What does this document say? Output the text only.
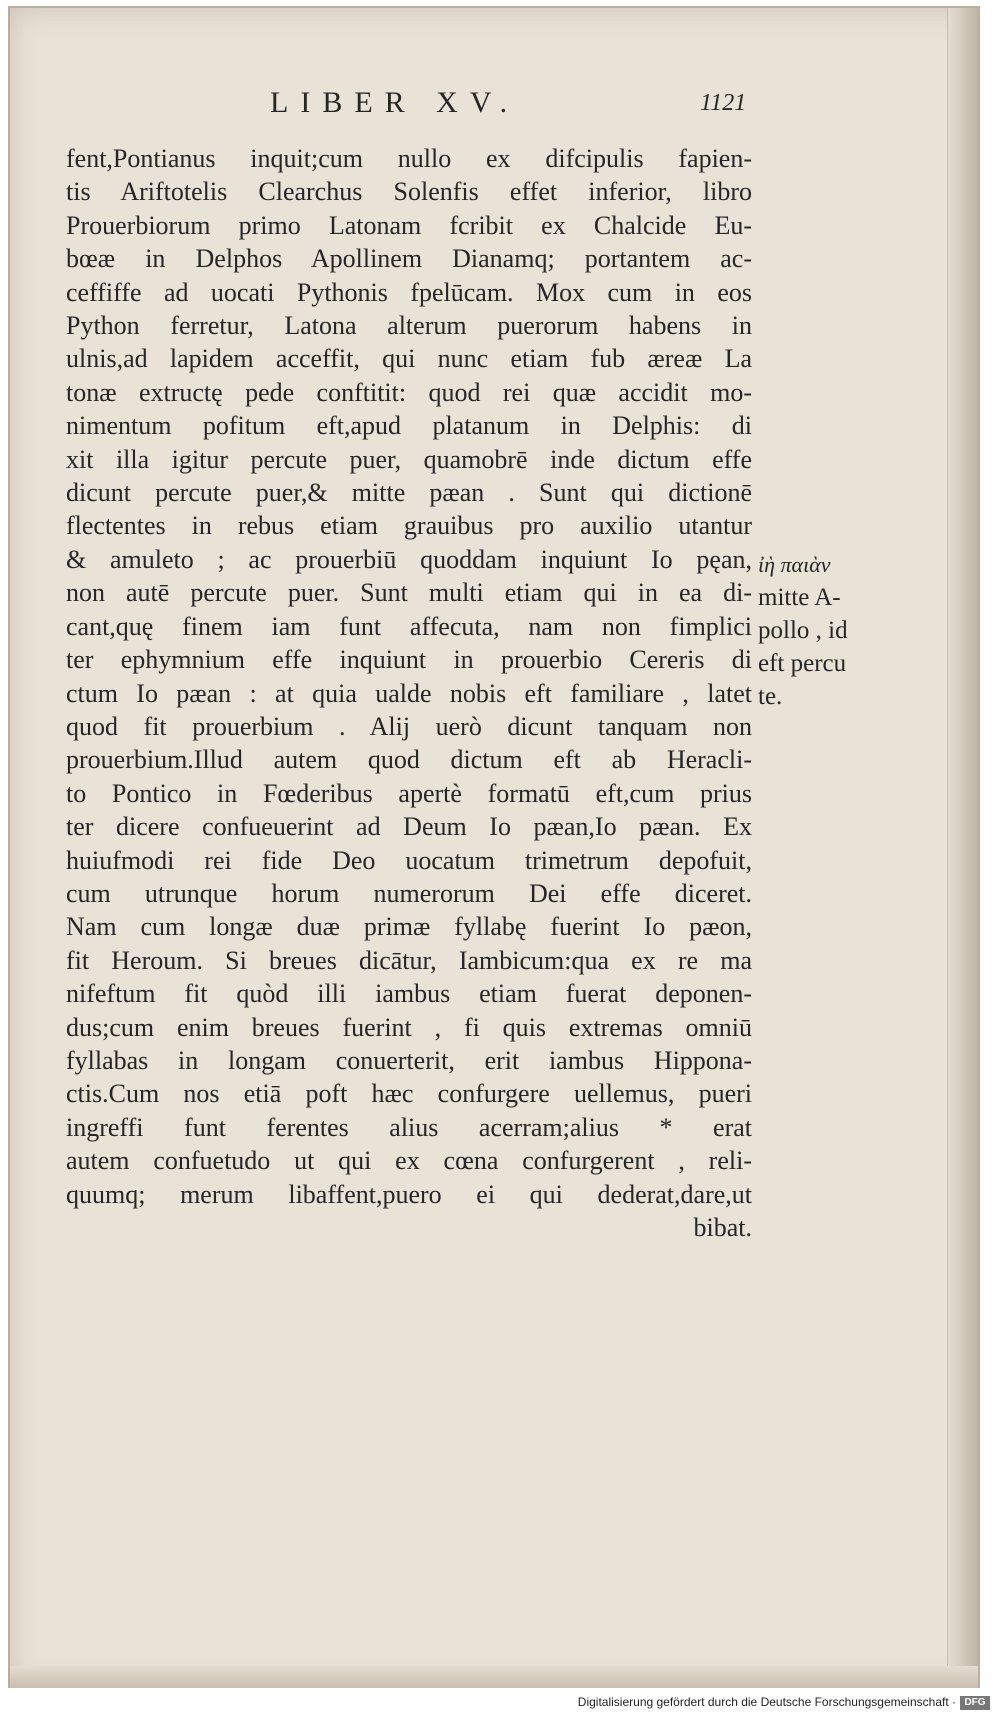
LIBER XV.	1121
fent,Pontianus inquit;cum nullo ex difcipulis fapien-
tis Ariftotelis Clearchus Solenfis effet inferior, libro
Prouerbiorum primo Latonam fcribit ex Chalcide Eu-
bœæ in Delphos Apollinem Dianamq; portantem ac-
ceffiffe ad uocati Pythonis fpelūcam. Mox cum in eos
Python ferretur, Latona alterum puerorum habens in
ulnis,ad lapidem acceffit, qui nunc etiam fub æreæ La
tonæ extructę pede conftitit: quod rei quæ accidit mo-
nimentum pofitum eft,apud platanum in Delphis: di
xit illa igitur percute puer, quamobrē inde dictum effe
dicunt percute puer,& mitte pæan . Sunt qui dictionē
flectentes in rebus etiam grauibus pro auxilio utantur
& amuleto ; ac prouerbiū quoddam inquiunt Io pęan,
non autē percute puer. Sunt multi etiam qui in ea di-
cant,quę finem iam funt affecuta, nam non fimplici
ter ephymnium effe inquiunt in prouerbio Cereris di
ctum Io pæan : at quia ualde nobis eft familiare , latet
quod fit prouerbium . Alij uerò dicunt tanquam non
prouerbium.Illud autem quod dictum eft ab Heracli-
to Pontico in Fœderibus apertè formatū eft,cum prius
ter dicere confueuerint ad Deum Io pæan,Io pæan. Ex
huiufmodi rei fide Deo uocatum trimetrum depofuit,
cum utrunque horum numerorum Dei effe diceret.
Nam cum longæ duæ primæ fyllabę fuerint Io pæon,
fit Heroum. Si breues dicātur, Iambicum:qua ex re ma
nifeftum fit quòd illi iambus etiam fuerat deponen-
dus;cum enim breues fuerint , fi quis extremas omniū
fyllabas in longam conuerterit, erit iambus Hippona-
ctis.Cum nos etiā poft hæc confurgere uellemus, pueri
ingreffi funt ferentes alius acerram;alius * erat
autem confuetudo ut qui ex cœna confurgerent , reli-
quumq; merum libaffent,puero ei qui dederat,dare,ut
bibat.
ἰὴ παιὰν
mitte A-
pollo , id
eft percu
te.
Digitalisierung gefördert durch die Deutsche Forschungsgemeinschaft · DFG
